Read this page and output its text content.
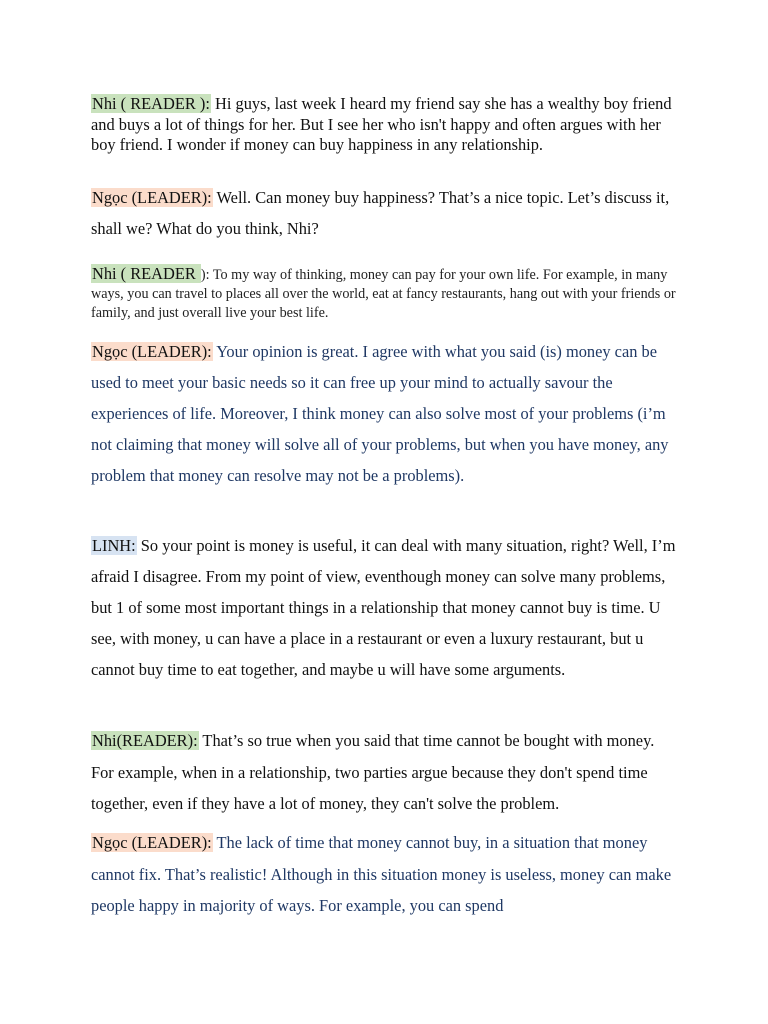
Nhi ( READER ): Hi guys, last week I heard my friend say she has a wealthy boy friend and buys a lot of things for her. But I see her who isn't happy and often argues with her boy friend. I wonder if money can buy happiness in any relationship.

Ngọc (LEADER): Well. Can money buy happiness? That’s a nice topic. Let’s discuss it, shall we? What do you think, Nhi?

Nhi ( READER ): To my way of thinking, money can pay for your own life. For example, in many ways, you can travel to places all over the world, eat at fancy restaurants, hang out with your friends or family, and just overall live your best life.

Ngọc (LEADER): Your opinion is great. I agree with what you said (is) money can be used to meet your basic needs so it can free up your mind to actually savour the experiences of life. Moreover, I think money can also solve most of your problems (i’m not claiming that money will solve all of your problems, but when you have money, any problem that money can resolve may not be a problems).

LINH: So your point is money is useful, it can deal with many situation, right? Well, I’m afraid I disagree. From my point of view, eventhough money can solve many problems, but 1 of some most important things in a relationship that money cannot buy is time. U see, with money, u can have a place in a restaurant or even a luxury restaurant, but u cannot buy time to eat together, and maybe u will have some arguments.

Nhi(READER): That’s so true when you said that time cannot be bought with money. For example, when in a relationship, two parties argue because they don't spend time together, even if they have a lot of money, they can't solve the problem.

Ngọc (LEADER): The lack of time that money cannot buy, in a situation that money cannot fix. That’s realistic! Although in this situation money is useless, money can make people happy in majority of ways. For example, you can spend
